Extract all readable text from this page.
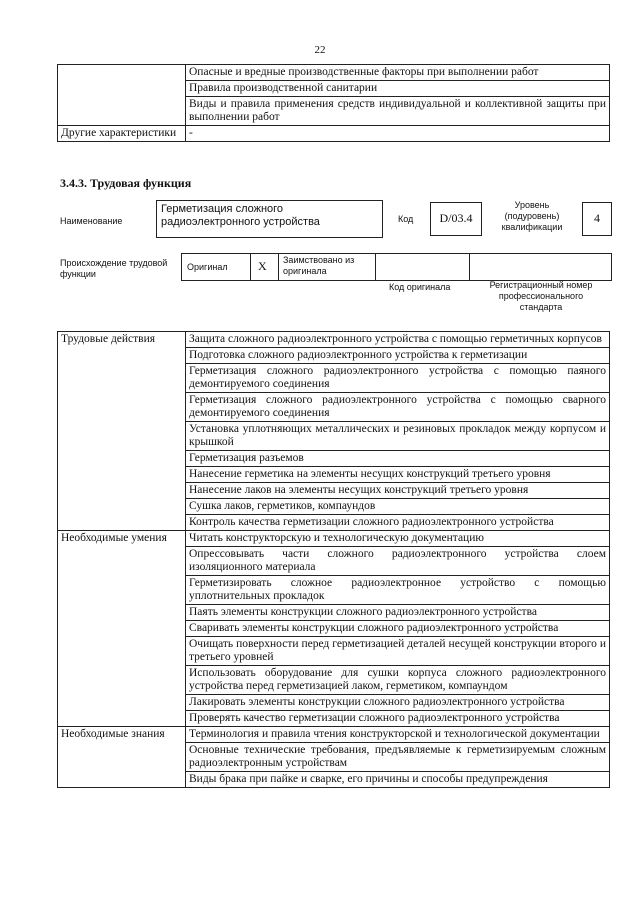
22
	Опасные и вредные производственные факторы при выполнении работ
	Правила производственной санитарии
	Виды и правила применения средств индивидуальной и коллективной защиты при выполнении работ
Другие характеристики	-
3.4.3. Трудовая функция
Наименование
Герметизация сложного радиоэлектронного устройства	Код	D/03.4
Уровень (подуровень) квалификации
4
Происхождение трудовой функции
Оригинал	X Заимствовано из оригинала
Код оригинала	Регистрационный номер профессионального стандарта
Трудовые действия	Защита сложного радиоэлектронного устройства с помощью герметичных корпусов
	Подготовка сложного радиоэлектронного устройства к герметизации
	Герметизация сложного радиоэлектронного устройства с помощью паяного демонтируемого соединения
	Герметизация сложного радиоэлектронного устройства с помощью сварного демонтируемого соединения
	Установка уплотняющих металлических и резиновых прокладок между корпусом и крышкой
	Герметизация разъемов
	Нанесение герметика на элементы несущих конструкций третьего уровня
	Нанесение лаков на элементы несущих конструкций третьего уровня
	Сушка лаков, герметиков, компаундов
	Контроль качества герметизации сложного радиоэлектронного устройства
Необходимые умения	Читать конструкторскую и технологическую документацию
	Опрессовывать части сложного радиоэлектронного устройства слоем изоляционного материала
	Герметизировать сложное радиоэлектронное устройство с помощью уплотнительных прокладок
	Паять элементы конструкции сложного радиоэлектронного устройства
	Сваривать элементы конструкции сложного радиоэлектронного устройства
	Очищать поверхности перед герметизацией деталей несущей конструкции второго и третьего уровней
	Использовать оборудование для сушки корпуса сложного радиоэлектронного устройства перед герметизацией лаком, герметиком, компаундом
	Лакировать элементы конструкции сложного радиоэлектронного устройства
	Проверять качество герметизации сложного радиоэлектронного устройства
Необходимые знания	Терминология и правила чтения конструкторской и технологической документации
	Основные технические требования, предъявляемые к герметизируемым сложным радиоэлектронным устройствам
	Виды брака при пайке и сварке, его причины и способы предупреждения
